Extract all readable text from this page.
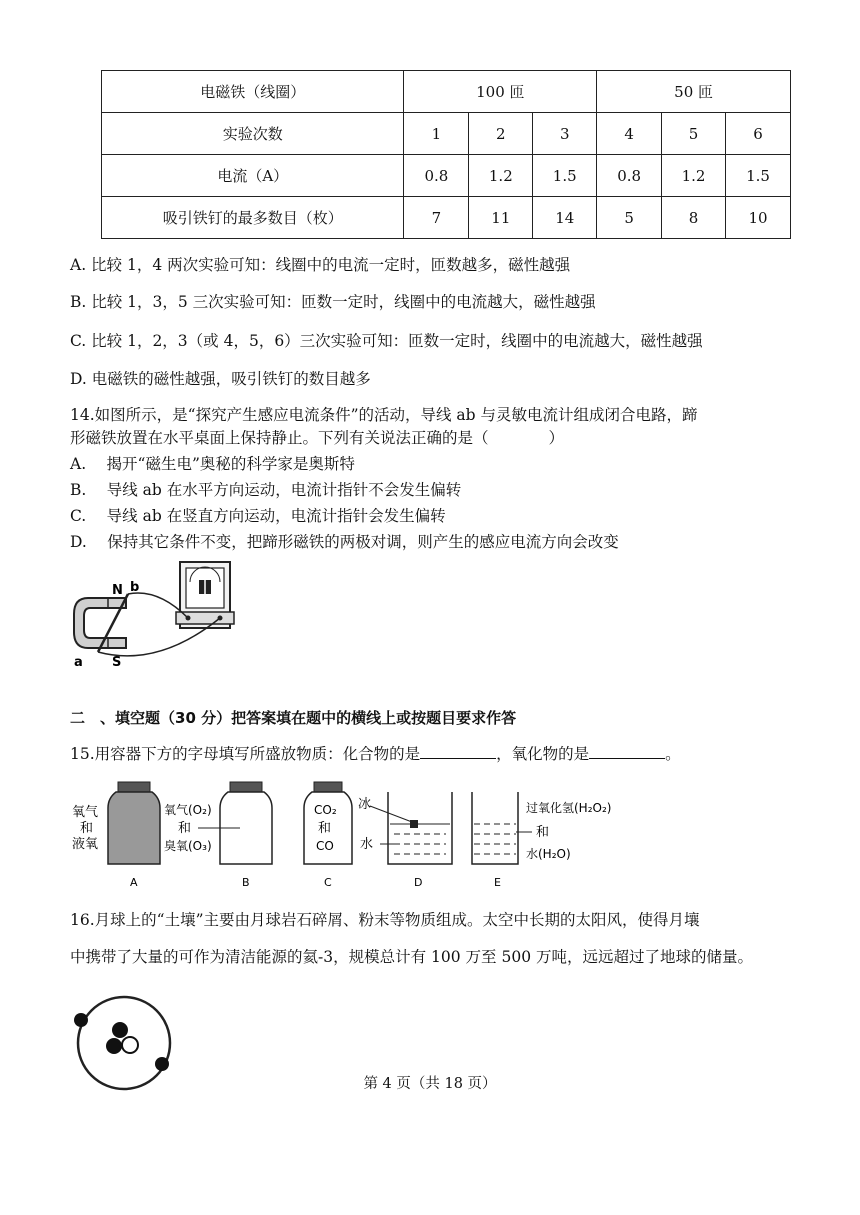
电磁铁（线圈）	100 匝			50 匝		
实验次数	1	2	3	4	5	6
电流（A）	0.8	1.2	1.5	0.8	1.2	1.5
吸引铁钉的最多数目（枚）	7	11	14	5	8	10
A. 比较 1，4 两次实验可知：线圈中的电流一定时，匝数越多，磁性越强
B. 比较 1，3，5 三次实验可知：匝数一定时，线圈中的电流越大，磁性越强
C. 比较 1，2，3（或 4，5，6）三次实验可知：匝数一定时，线圈中的电流越大，磁性越强
D. 电磁铁的磁性越强，吸引铁钉的数目越多
14.如图所示，是“探究产生感应电流条件”的活动，导线 ab 与灵敏电流计组成闭合电路，蹄
形磁铁放置在水平桌面上保持静止。下列有关说法正确的是（	）
A.　 揭开“磁生电”奥秘的科学家是奥斯特
B.　 导线 ab 在水平方向运动，电流计指针不会发生偏转
C.　 导线 ab 在竖直方向运动，电流计指针会发生偏转
D.　 保持其它条件不变，把蹄形磁铁的两极对调，则产生的感应电流方向会改变
N b
S
a
二　、填空题（30 分）把答案填在题中的横线上或按题目要求作答
15.用容器下方的字母填写所盛放物质：化合物的是	，氧化物的是	。
氧气
和
液氧
A
氧气(O₂)
和
臭氧(O₃)
B
CO₂
和
CO
C
冰
水
D
过氧化氢(H₂O₂)
和
水(H₂O)
E
16.月球上的“土壤”主要由月球岩石碎屑、粉末等物质组成。太空中长期的太阳风，使得月壤
中携带了大量的可作为清洁能源的氦-3，规模总计有 100 万至 500 万吨，远远超过了地球的储量。
第 4 页（共 18 页）
